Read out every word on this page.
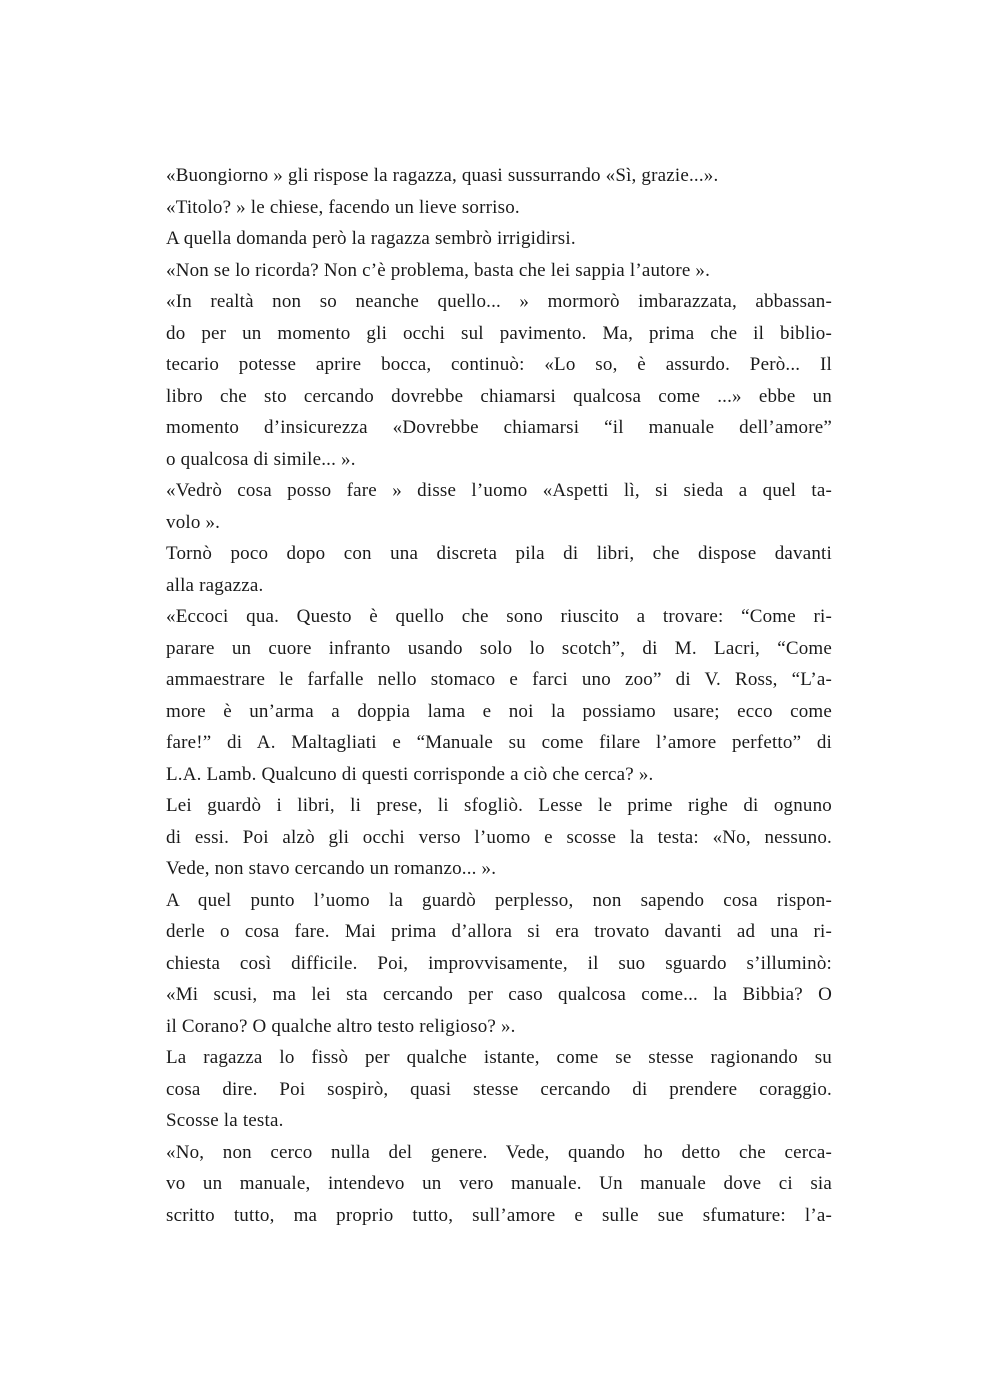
«Buongiorno » gli rispose la ragazza, quasi sussurrando «Sì, grazie...».
«Titolo? » le chiese, facendo un lieve sorriso.
A quella domanda però la ragazza sembrò irrigidirsi.
«Non se lo ricorda? Non c’è problema, basta che lei sappia l’autore ».
«In realtà non so neanche quello... » mormorò imbarazzata, abbassan-
do per un momento gli occhi sul pavimento. Ma, prima che il biblio-
tecario potesse aprire bocca, continuò: «Lo so, è assurdo. Però... Il
libro che sto cercando dovrebbe chiamarsi qualcosa come ...» ebbe un
momento d’insicurezza «Dovrebbe chiamarsi “il manuale dell’amore”
o qualcosa di simile... ».
«Vedrò cosa posso fare » disse l’uomo «Aspetti lì, si sieda a quel ta-
volo ».
Tornò poco dopo con una discreta pila di libri, che dispose davanti
alla ragazza.
«Eccoci qua. Questo è quello che sono riuscito a trovare: “Come ri-
parare un cuore infranto usando solo lo scotch”, di M. Lacri, “Come
ammaestrare le farfalle nello stomaco e farci uno zoo” di V. Ross, “L’a-
more è un’arma a doppia lama e noi la possiamo usare; ecco come
fare!” di A. Maltagliati e “Manuale su come filare l’amore perfetto” di
L.A. Lamb. Qualcuno di questi corrisponde a ciò che cerca? ».
Lei guardò i libri, li prese, li sfogliò. Lesse le prime righe di ognuno
di essi. Poi alzò gli occhi verso l’uomo e scosse la testa: «No, nessuno.
Vede, non stavo cercando un romanzo... ».
A quel punto l’uomo la guardò perplesso, non sapendo cosa rispon-
derle o cosa fare. Mai prima d’allora si era trovato davanti ad una ri-
chiesta così difficile. Poi, improvvisamente, il suo sguardo s’illuminò:
«Mi scusi, ma lei sta cercando per caso qualcosa come... la Bibbia? O
il Corano? O qualche altro testo religioso? ».
La ragazza lo fissò per qualche istante, come se stesse ragionando su
cosa dire. Poi sospirò, quasi stesse cercando di prendere coraggio.
Scosse la testa.
«No, non cerco nulla del genere. Vede, quando ho detto che cerca-
vo un manuale, intendevo un vero manuale. Un manuale dove ci sia
scritto tutto, ma proprio tutto, sull’amore e sulle sue sfumature: l’a-
